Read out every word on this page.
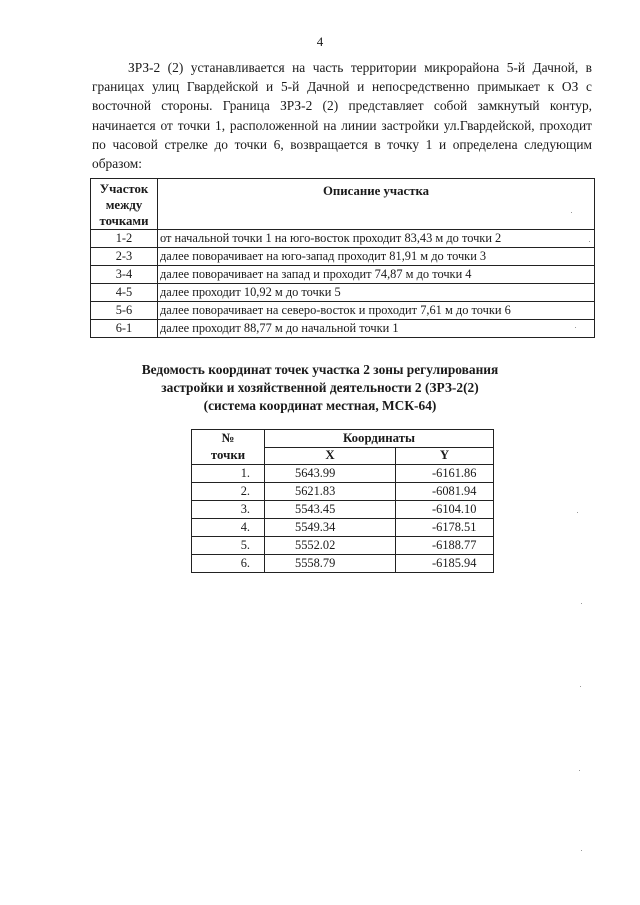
4

ЗРЗ-2 (2) устанавливается на часть территории микрорайона 5-й Дачной, в границах улиц Гвардейской и 5-й Дачной и непосредственно примыкает к ОЗ с восточной стороны. Граница ЗРЗ-2 (2) представляет собой замкнутый контур, начинается от точки 1, расположенной на линии застройки ул.Гвардейской, проходит по часовой стрелке до точки 6, возвращается в точку 1 и определена следующим образом:

Участок
между
точками	Описание участка
1-2	от начальной точки 1 на юго-восток проходит 83,43 м до точки 2
2-3	далее поворачивает на юго-запад проходит 81,91 м до точки 3
3-4	далее поворачивает на запад и проходит 74,87 м до точки 4
4-5	далее проходит 10,92 м до точки 5
5-6	далее поворачивает на северо-восток и проходит 7,61 м до точки 6
6-1	далее проходит 88,77 м до начальной точки 1
Ведомость координат точек участка 2 зоны регулирования
застройки и хозяйственной деятельности 2 (ЗРЗ-2(2)
(система координат местная, МСК-64)
№
точки	Координаты	
	X	Y
1.	5643.99	-6161.86
2.	5621.83	-6081.94
3.	5543.45	-6104.10
4.	5549.34	-6178.51
5.	5552.02	-6188.77
6.	5558.79	-6185.94
